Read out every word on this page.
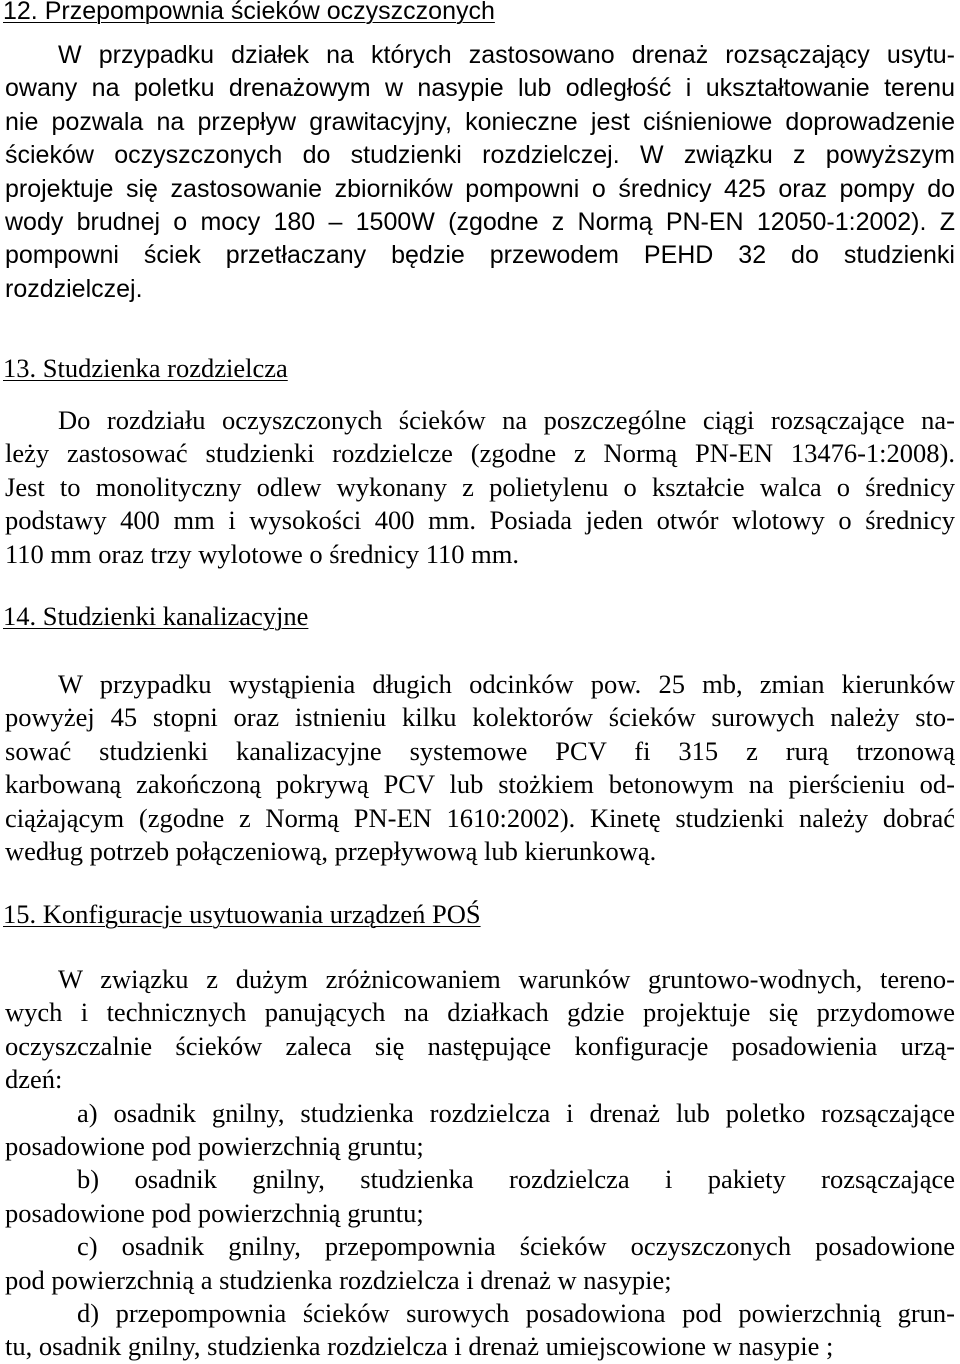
12. Przepompownia ścieków oczyszczonych
W przypadku działek na których zastosowano drenaż rozsączający usytu-
owany na poletku drenażowym w nasypie lub odległość i ukształtowanie terenu
nie pozwala na przepływ grawitacyjny, konieczne jest ciśnieniowe doprowadzenie
ścieków oczyszczonych do studzienki rozdzielczej. W związku z powyższym
projektuje się zastosowanie zbiorników pompowni o średnicy 425 oraz pompy do
wody brudnej o mocy 180 – 1500W (zgodne z Normą PN-EN 12050-1:2002). Z
pompowni ściek przetłaczany będzie przewodem PEHD 32 do studzienki
rozdzielczej.
13. Studzienka rozdzielcza
Do rozdziału oczyszczonych ścieków na poszczególne ciągi rozsączające na-
leży zastosować studzienki rozdzielcze (zgodne z Normą PN-EN 13476-1:2008).
Jest to monolityczny odlew wykonany z polietylenu o kształcie walca o średnicy
podstawy 400 mm i wysokości 400 mm. Posiada jeden otwór wlotowy o średnicy
110 mm oraz trzy wylotowe o średnicy 110 mm.
14. Studzienki kanalizacyjne
W przypadku wystąpienia długich odcinków pow. 25 mb, zmian kierunków
powyżej 45 stopni oraz istnieniu kilku kolektorów ścieków surowych należy sto-
sować studzienki kanalizacyjne systemowe PCV fi 315 z rurą trzonową
karbowaną zakończoną pokrywą PCV lub stożkiem betonowym na pierścieniu od-
ciążającym (zgodne z Normą PN-EN 1610:2002). Kinetę studzienki należy dobrać
według potrzeb połączeniową, przepływową lub kierunkową.
15. Konfiguracje usytuowania urządzeń POŚ
W związku z dużym zróżnicowaniem warunków gruntowo-wodnych, tereno-
wych i technicznych panujących na działkach gdzie projektuje się przydomowe
oczyszczalnie ścieków zaleca się następujące konfiguracje posadowienia urzą-
dzeń:
a) osadnik gnilny, studzienka rozdzielcza i drenaż lub poletko rozsączające
posadowione pod powierzchnią gruntu;
b) osadnik gnilny, studzienka rozdzielcza i pakiety rozsączające
posadowione pod powierzchnią gruntu;
c) osadnik gnilny, przepompownia ścieków oczyszczonych posadowione
pod powierzchnią a studzienka rozdzielcza i drenaż w nasypie;
d) przepompownia ścieków surowych posadowiona pod powierzchnią grun-
tu, osadnik gnilny, studzienka rozdzielcza i drenaż umiejscowione w nasypie ;
